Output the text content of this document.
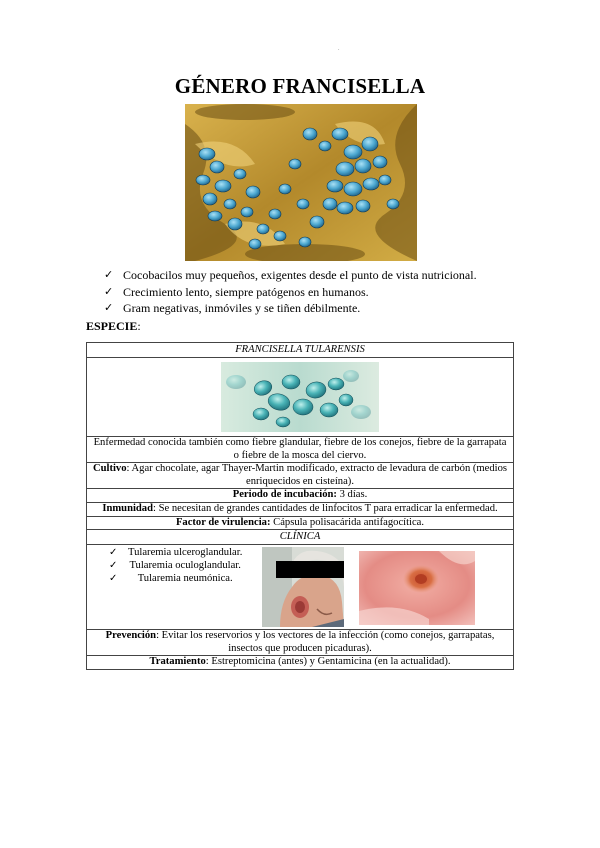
.
GÉNERO FRANCISELLA
✓ Cocobacilos muy pequeños, exigentes desde el punto de vista nutricional.
✓ Crecimiento lento, siempre patógenos en humanos.
✓ Gram negativas, inmóviles y se tiñen débilmente.
ESPECIE:
FRANCISELLA TULARENSIS

Enfermedad conocida también como fiebre glandular, fiebre de los conejos, fiebre de la garrapata o fiebre de la mosca del ciervo.
Cultivo: Agar chocolate, agar Thayer-Martin modificado, extracto de levadura de carbón (medios enriquecidos en cisteína).
Periodo de incubación: 3 días.
Inmunidad: Se necesitan de grandes cantidades de linfocitos T para erradicar la enfermedad.
Factor de virulencia: Cápsula polisacárida antifagocítica.
CLÍNICA

✓ Tularemia ulceroglandular.
✓ Tularemia oculoglandular.
✓ Tularemia neumónica.

Prevención: Evitar los reservorios y los vectores de la infección (como conejos, garrapatas, insectos que producen picaduras).
Tratamiento: Estreptomicina (antes) y Gentamicina (en la actualidad).
